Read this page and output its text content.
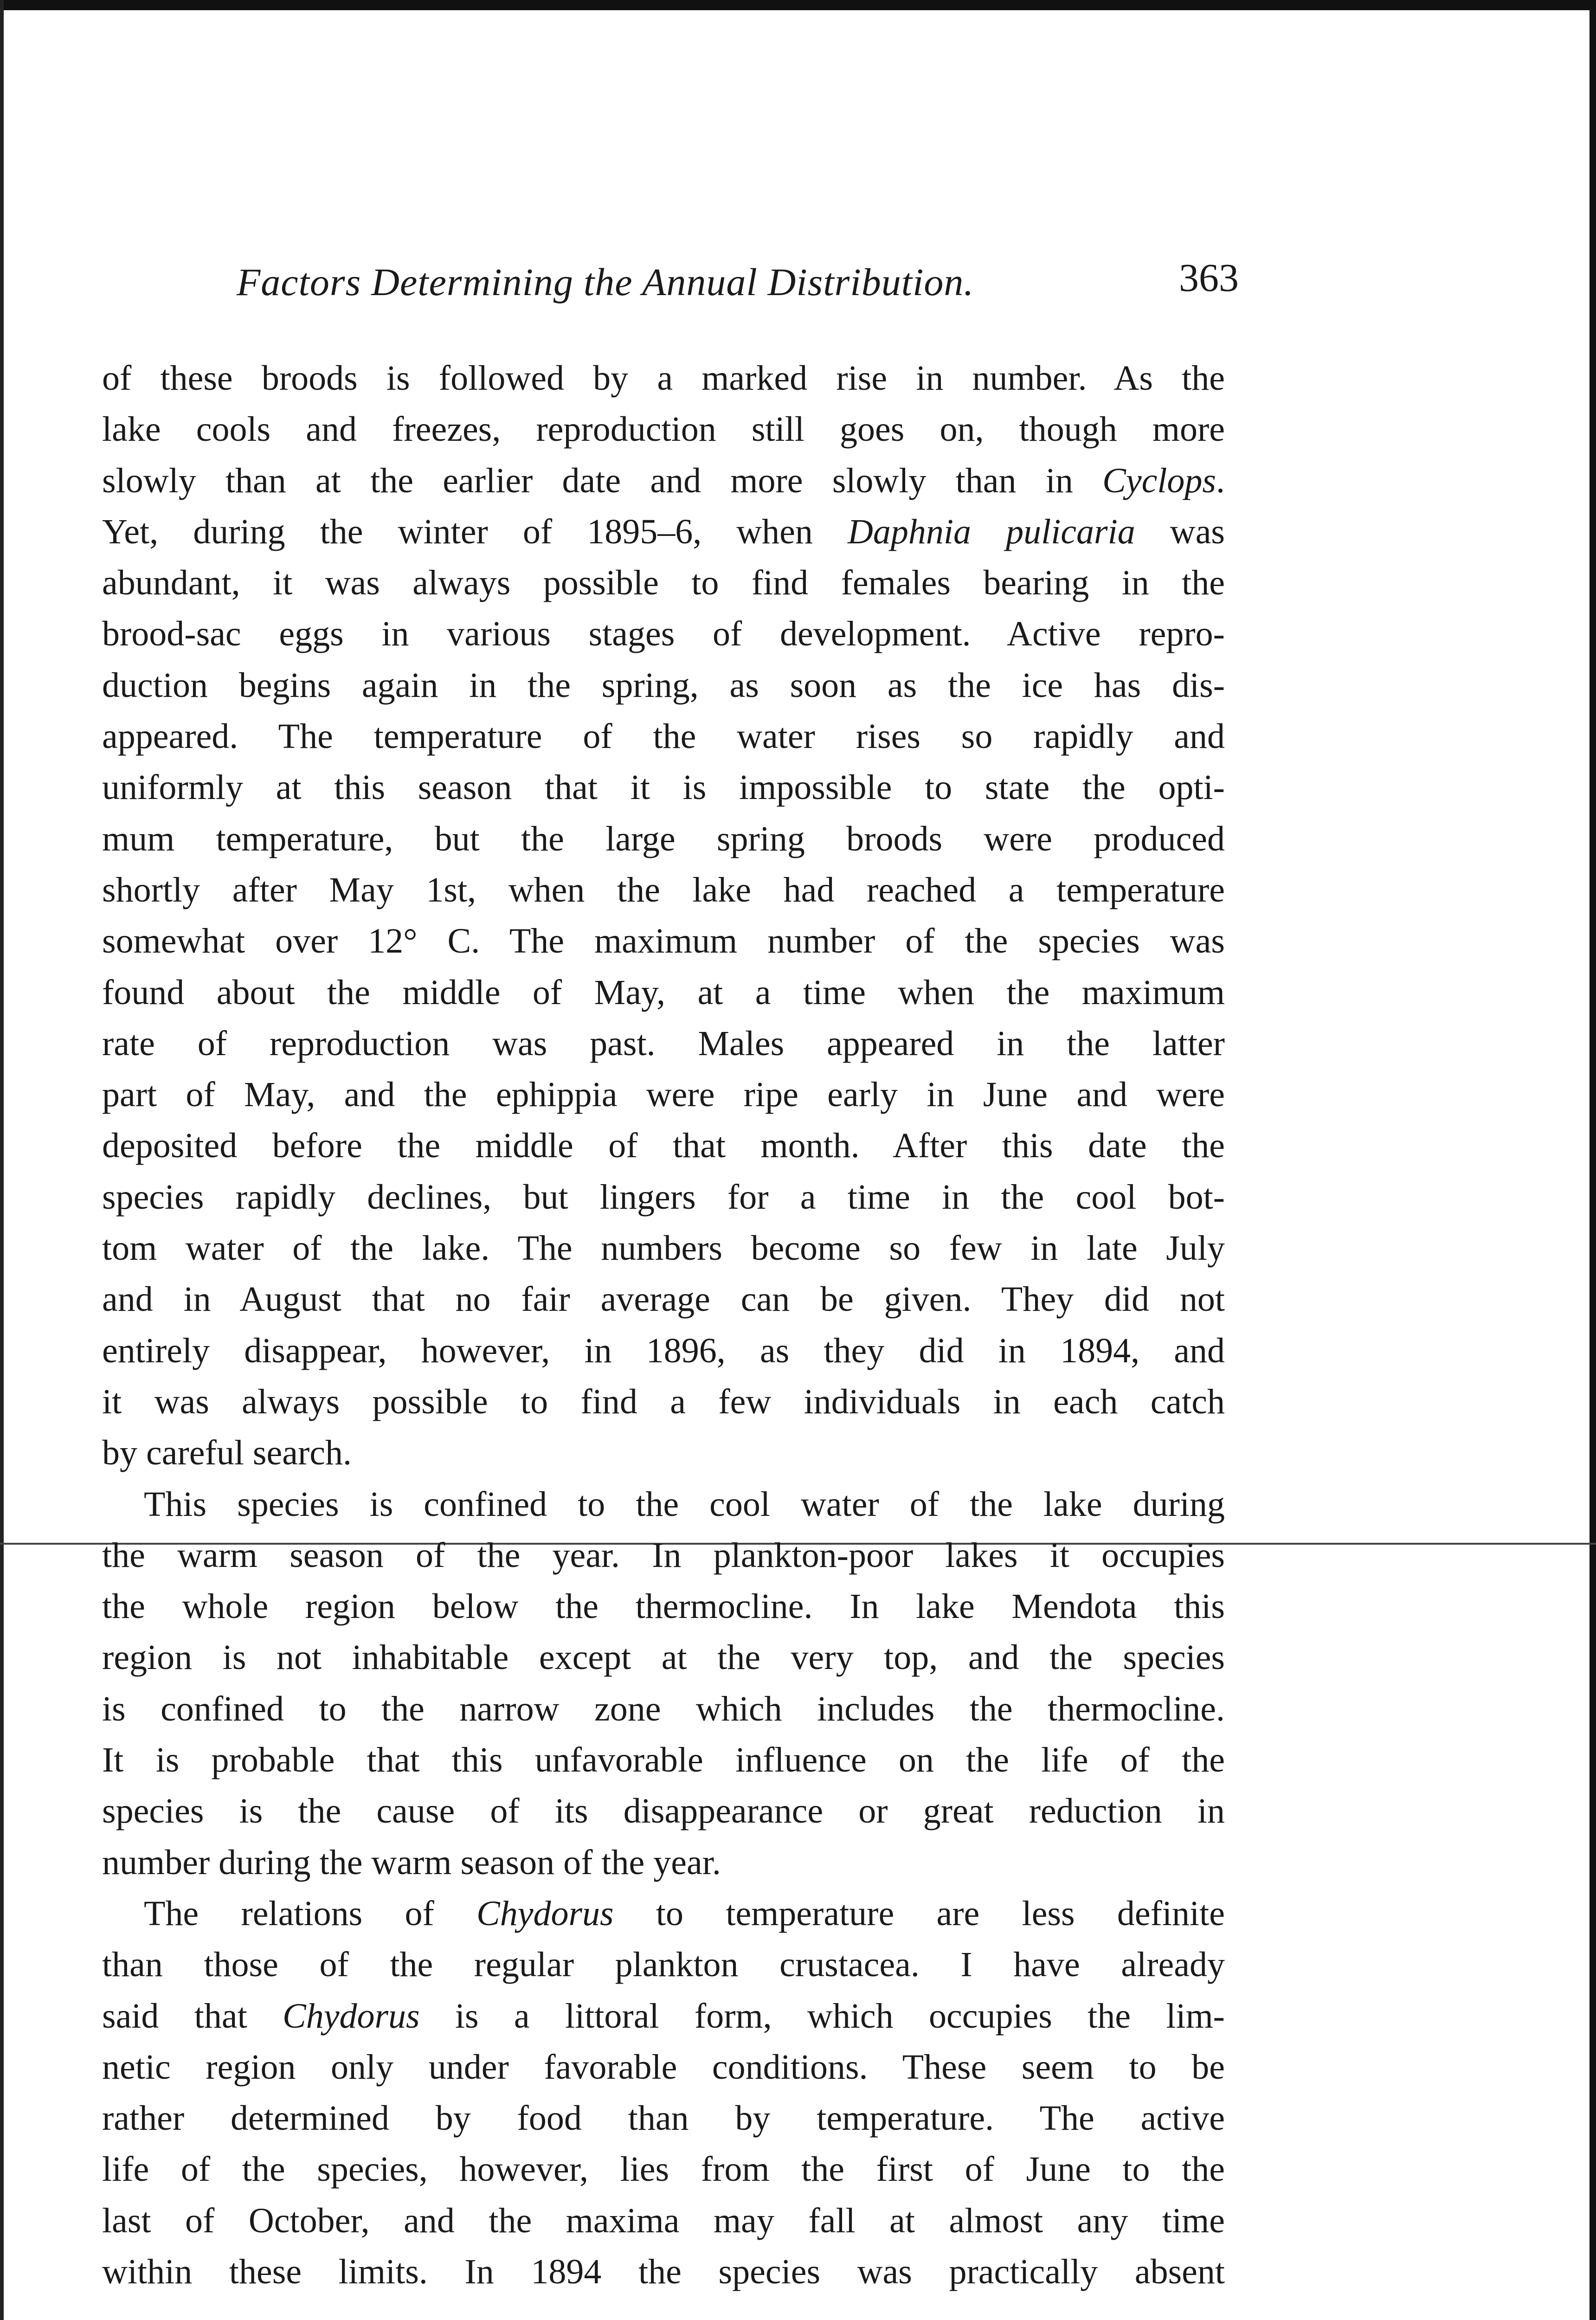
Factors Determining the Annual Distribution.	363
of these broods is followed by a marked rise in number. As the
lake cools and freezes, reproduction still goes on, though more
slowly than at the earlier date and more slowly than in Cyclops.
Yet, during the winter of 1895–6, when Daphnia pulicaria was
abundant, it was always possible to find females bearing in the
brood-sac eggs in various stages of development. Active repro-
duction begins again in the spring, as soon as the ice has dis-
appeared. The temperature of the water rises so rapidly and
uniformly at this season that it is impossible to state the opti-
mum temperature, but the large spring broods were produced
shortly after May 1st, when the lake had reached a temperature
somewhat over 12° C. The maximum number of the species was
found about the middle of May, at a time when the maximum
rate of reproduction was past. Males appeared in the latter
part of May, and the ephippia were ripe early in June and were
deposited before the middle of that month. After this date the
species rapidly declines, but lingers for a time in the cool bot-
tom water of the lake. The numbers become so few in late July
and in August that no fair average can be given. They did not
entirely disappear, however, in 1896, as they did in 1894, and
it was always possible to find a few individuals in each catch
by careful search.
This species is confined to the cool water of the lake during
the warm season of the year. In plankton-poor lakes it occupies
the whole region below the thermocline. In lake Mendota this
region is not inhabitable except at the very top, and the species
is confined to the narrow zone which includes the thermocline.
It is probable that this unfavorable influence on the life of the
species is the cause of its disappearance or great reduction in
number during the warm season of the year.
The relations of Chydorus to temperature are less definite
than those of the regular plankton crustacea. I have already
said that Chydorus is a littoral form, which occupies the lim-
netic region only under favorable conditions. These seem to be
rather determined by food than by temperature. The active
life of the species, however, lies from the first of June to the
last of October, and the maxima may fall at almost any time
within these limits. In 1894 the species was practically absent
